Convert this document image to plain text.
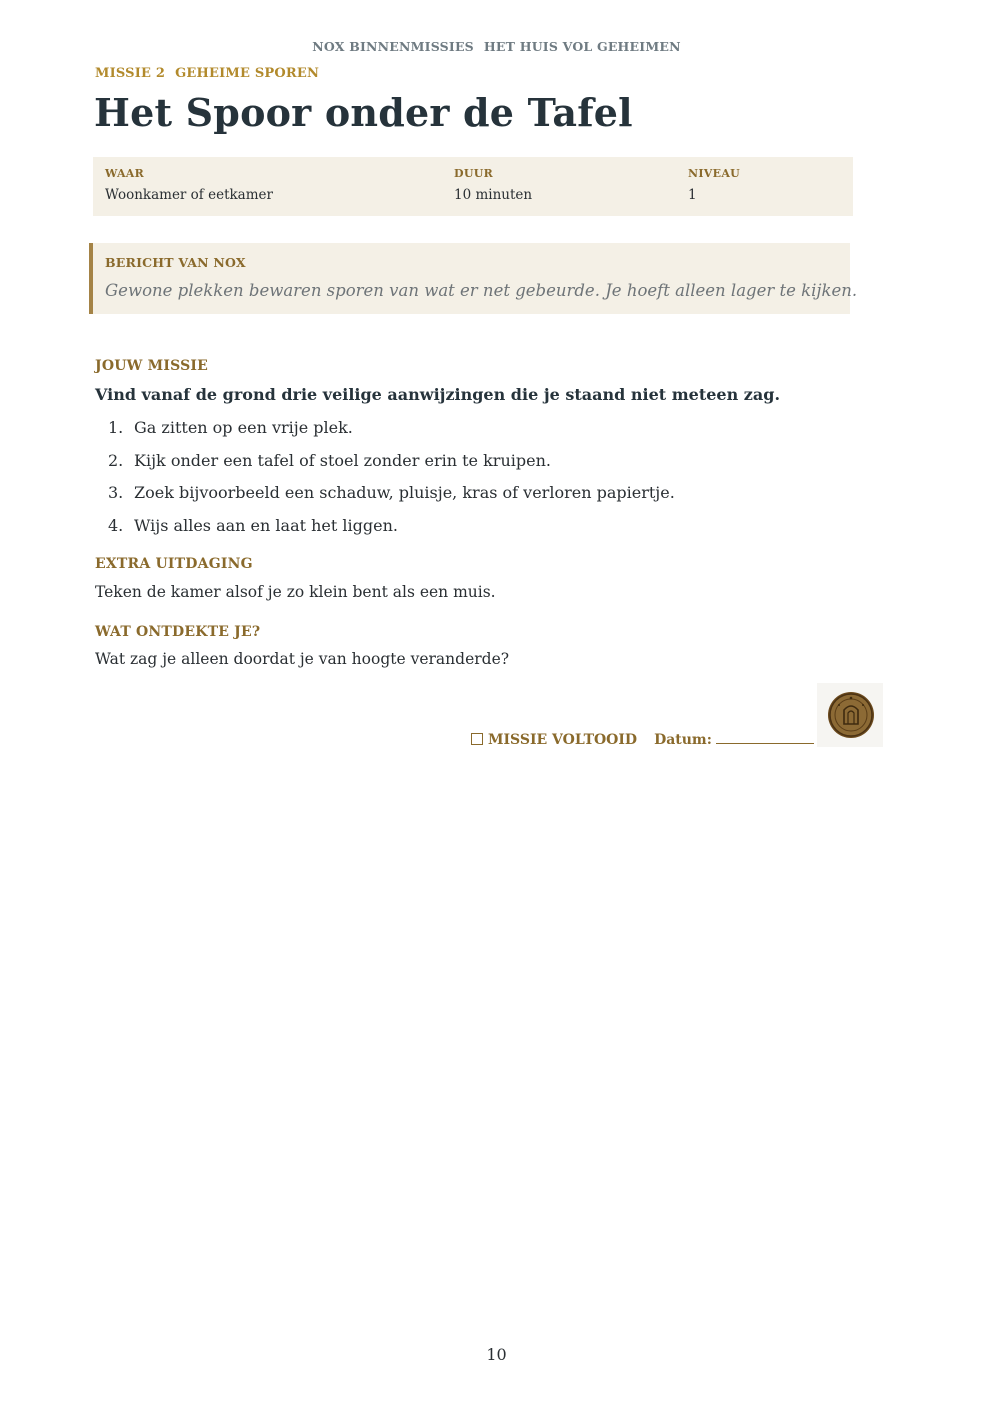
NOX BINNENMISSIES HET HUIS VOL GEHEIMEN
MISSIE 2 GEHEIME SPOREN
Het Spoor onder de Tafel
WAAR
Woonkamer of eetkamer
DUUR
10 minuten
NIVEAU
1
BERICHT VAN NOX
Gewone plekken bewaren sporen van wat er net gebeurde. Je hoeft alleen lager te kijken.
JOUW MISSIE
Vind vanaf de grond drie veilige aanwijzingen die je staand niet meteen zag.
1. Ga zitten op een vrije plek.
2. Kijk onder een tafel of stoel zonder erin te kruipen.
3. Zoek bijvoorbeeld een schaduw, pluisje, kras of verloren papiertje.
4. Wijs alles aan en laat het liggen.
EXTRA UITDAGING
Teken de kamer alsof je zo klein bent als een muis.
WAT ONTDEKTE JE?
Wat zag je alleen doordat je van hoogte veranderde?
MISSIE VOLTOOID Datum:
10
